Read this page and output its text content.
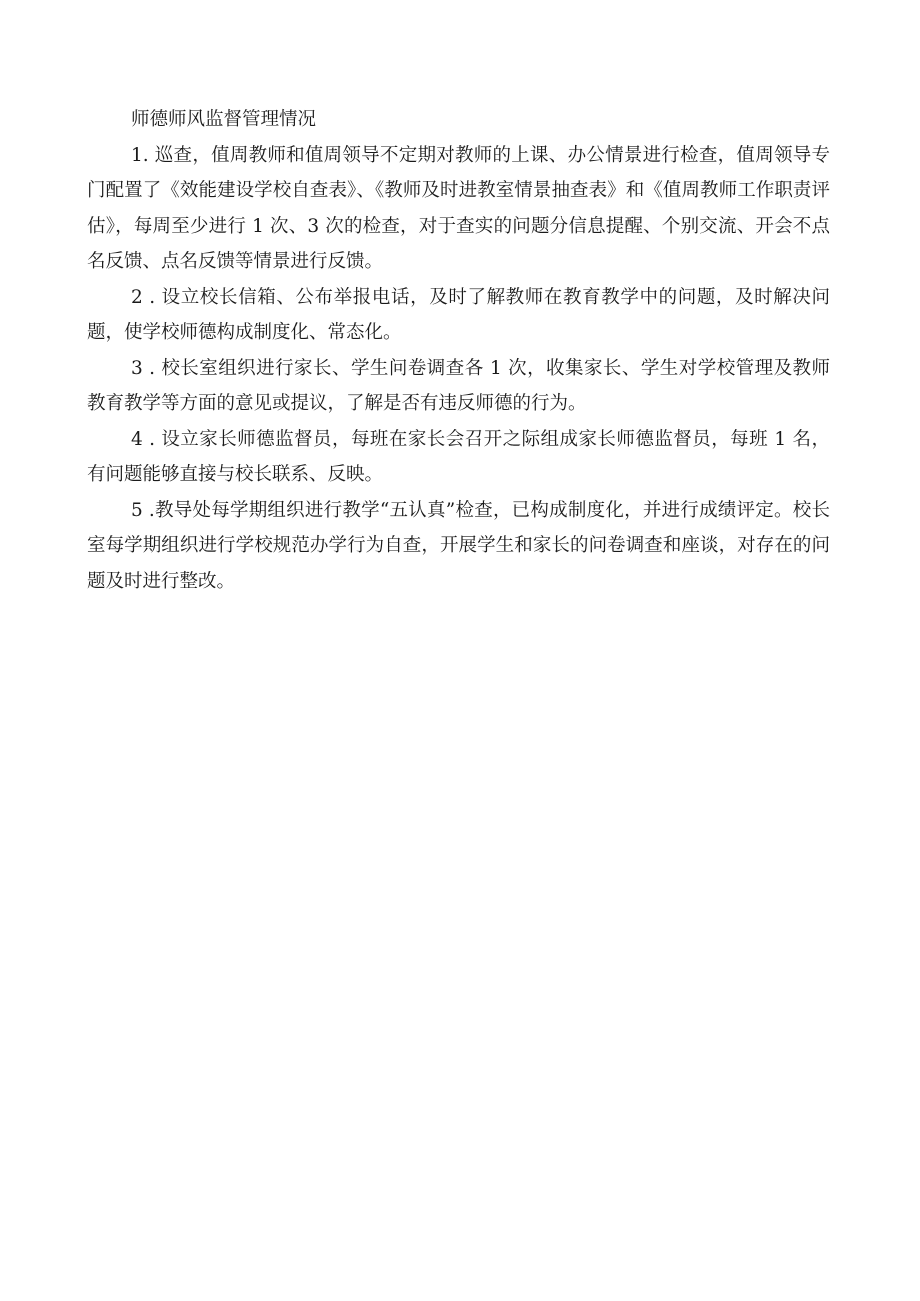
师德师风监督管理情况

1. 巡查，值周教师和值周领导不定期对教师的上课、办公情景进行检查，值周领导专门配置了《效能建设学校自查表》、《教师及时进教室情景抽查表》和《值周教师工作职责评估》，每周至少进行 1 次、3 次的检查，对于查实的问题分信息提醒、个别交流、开会不点名反馈、点名反馈等情景进行反馈。

2 . 设立校长信箱、公布举报电话，及时了解教师在教育教学中的问题，及时解决问题，使学校师德构成制度化、常态化。

3 . 校长室组织进行家长、学生问卷调查各 1 次，收集家长、学生对学校管理及教师教育教学等方面的意见或提议，了解是否有违反师德的行为。

4 . 设立家长师德监督员，每班在家长会召开之际组成家长师德监督员，每班 1 名，有问题能够直接与校长联系、反映。

5 .教导处每学期组织进行教学“五认真”检查，已构成制度化，并进行成绩评定。校长室每学期组织进行学校规范办学行为自查，开展学生和家长的问卷调查和座谈，对存在的问题及时进行整改。
